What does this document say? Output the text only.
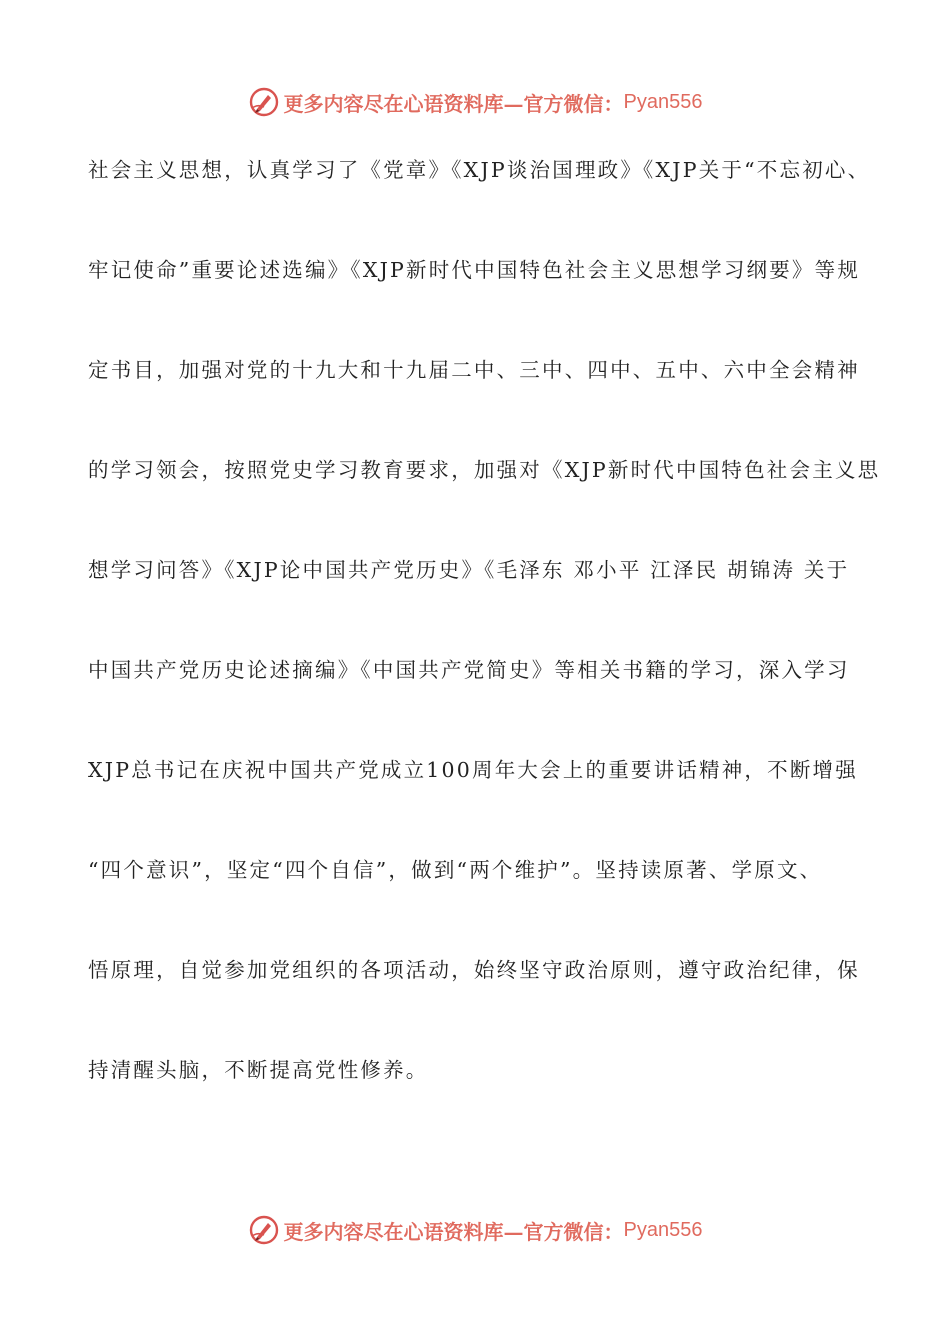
更多内容尽在心语资料库—官方微信： Pyan556
社会主义思想，认真学习了《党章》《XJP谈治国理政》《XJP关于“不忘初心、
牢记使命”重要论述选编》《XJP新时代中国特色社会主义思想学习纲要》等规
定书目，加强对党的十九大和十九届二中、三中、四中、五中、六中全会精神
的学习领会，按照党史学习教育要求，加强对《XJP新时代中国特色社会主义思
想学习问答》《XJP论中国共产党历史》《毛泽东 邓小平 江泽民 胡锦涛 关于
中国共产党历史论述摘编》《中国共产党简史》等相关书籍的学习，深入学习
XJP总书记在庆祝中国共产党成立100周年大会上的重要讲话精神，不断增强
“四个意识”，坚定“四个自信”，做到“两个维护”。坚持读原著、学原文、
悟原理，自觉参加党组织的各项活动，始终坚守政治原则，遵守政治纪律，保
持清醒头脑，不断提高党性修养。
更多内容尽在心语资料库—官方微信： Pyan556
